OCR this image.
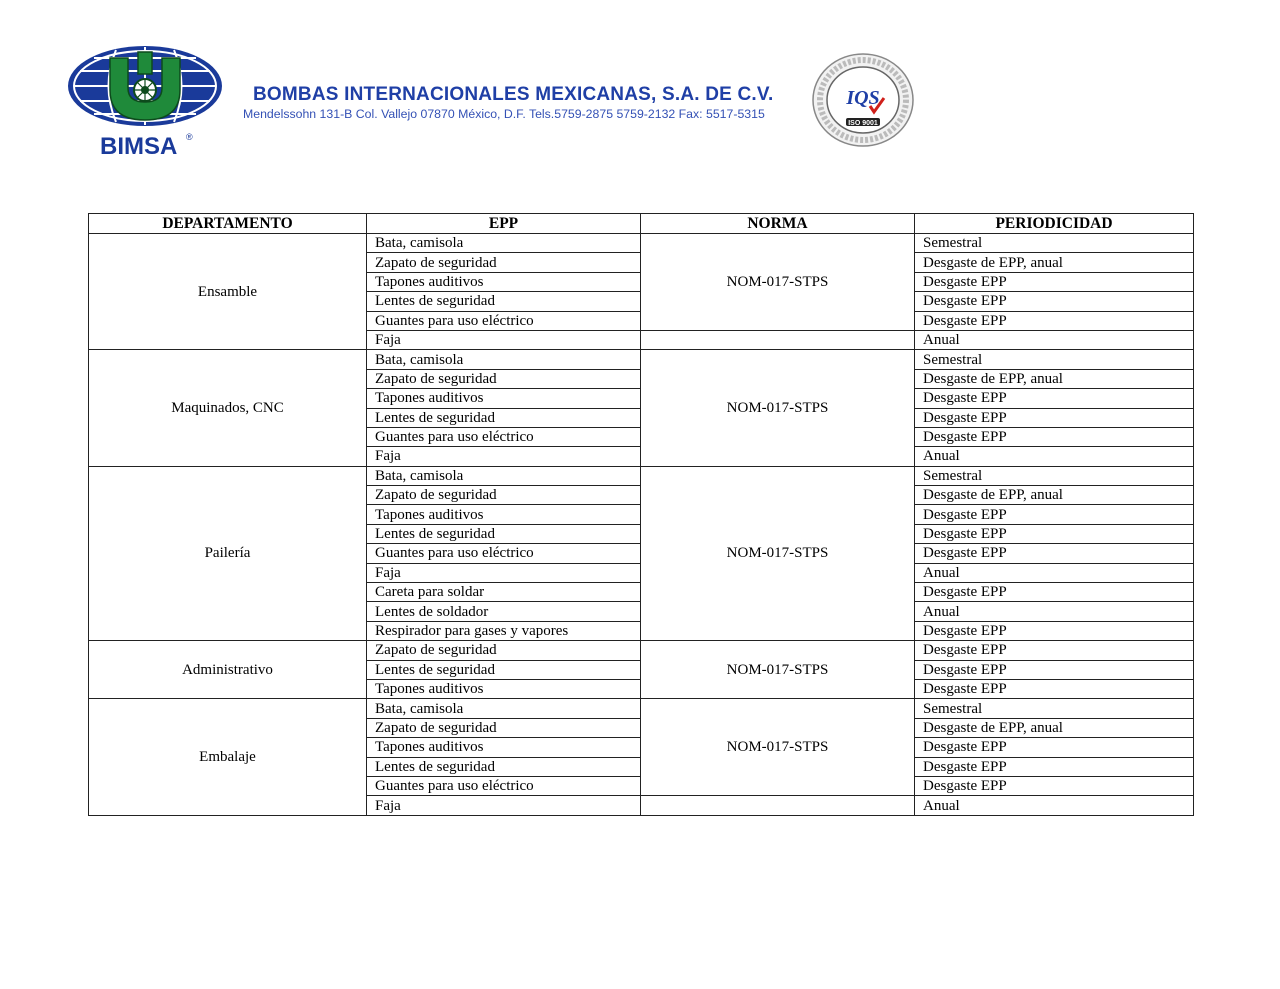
BIMSA ®
BOMBAS INTERNACIONALES MEXICANAS, S.A. DE C.V.
Mendelssohn 131-B Col. Vallejo 07870 México, D.F. Tels.5759-2875 5759-2132 Fax: 5517-5315
IQS
ISO 9001
DEPARTAMENTO	EPP	NORMA	PERIODICIDAD
Ensamble	Bata, camisola	NOM-017-STPS	Semestral
	Zapato de seguridad		Desgaste de EPP, anual
	Tapones auditivos		Desgaste EPP
	Lentes de seguridad		Desgaste EPP
	Guantes para uso eléctrico		Desgaste EPP
	Faja		Anual
Maquinados, CNC	Bata, camisola	NOM-017-STPS	Semestral
	Zapato de seguridad		Desgaste de EPP, anual
	Tapones auditivos		Desgaste EPP
	Lentes de seguridad		Desgaste EPP
	Guantes para uso eléctrico		Desgaste EPP
	Faja		Anual
Pailería	Bata, camisola	NOM-017-STPS	Semestral
	Zapato de seguridad		Desgaste de EPP, anual
	Tapones auditivos		Desgaste EPP
	Lentes de seguridad		Desgaste EPP
	Guantes para uso eléctrico		Desgaste EPP
	Faja		Anual
	Careta para soldar		Desgaste EPP
	Lentes de soldador		Anual
	Respirador para gases y vapores		Desgaste EPP
Administrativo	Zapato de seguridad	NOM-017-STPS	Desgaste EPP
	Lentes de seguridad		Desgaste EPP
	Tapones auditivos		Desgaste EPP
Embalaje	Bata, camisola	NOM-017-STPS	Semestral
	Zapato de seguridad		Desgaste de EPP, anual
	Tapones auditivos		Desgaste EPP
	Lentes de seguridad		Desgaste EPP
	Guantes para uso eléctrico		Desgaste EPP
	Faja		Anual
